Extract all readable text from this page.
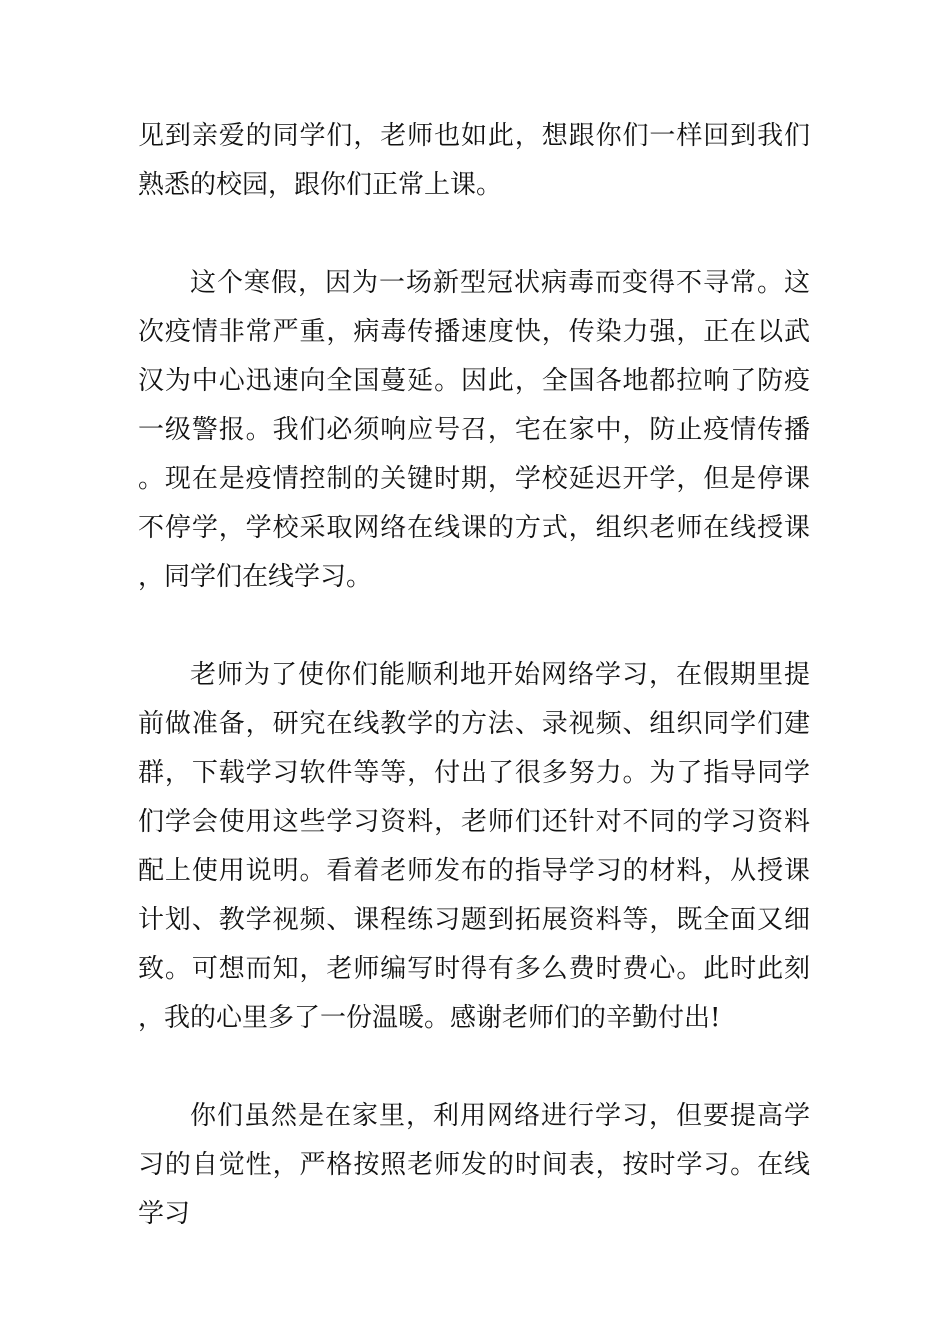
见到亲爱的同学们，老师也如此，想跟你们一样回到我们熟悉的校园，跟你们正常上课。

这个寒假，因为一场新型冠状病毒而变得不寻常。这次疫情非常严重，病毒传播速度快，传染力强，正在以武汉为中心迅速向全国蔓延。因此，全国各地都拉响了防疫一级警报。我们必须响应号召，宅在家中，防止疫情传播。现在是疫情控制的关键时期，学校延迟开学，但是停课不停学，学校采取网络在线课的方式，组织老师在线授课，同学们在线学习。

老师为了使你们能顺利地开始网络学习，在假期里提前做准备，研究在线教学的方法、录视频、组织同学们建群，下载学习软件等等，付出了很多努力。为了指导同学们学会使用这些学习资料，老师们还针对不同的学习资料配上使用说明。看着老师发布的指导学习的材料，从授课计划、教学视频、课程练习题到拓展资料等，既全面又细致。可想而知，老师编写时得有多么费时费心。此时此刻，我的心里多了一份温暖。感谢老师们的辛勤付出!

你们虽然是在家里，利用网络进行学习，但要提高学习的自觉性，严格按照老师发的时间表，按时学习。在线学习
